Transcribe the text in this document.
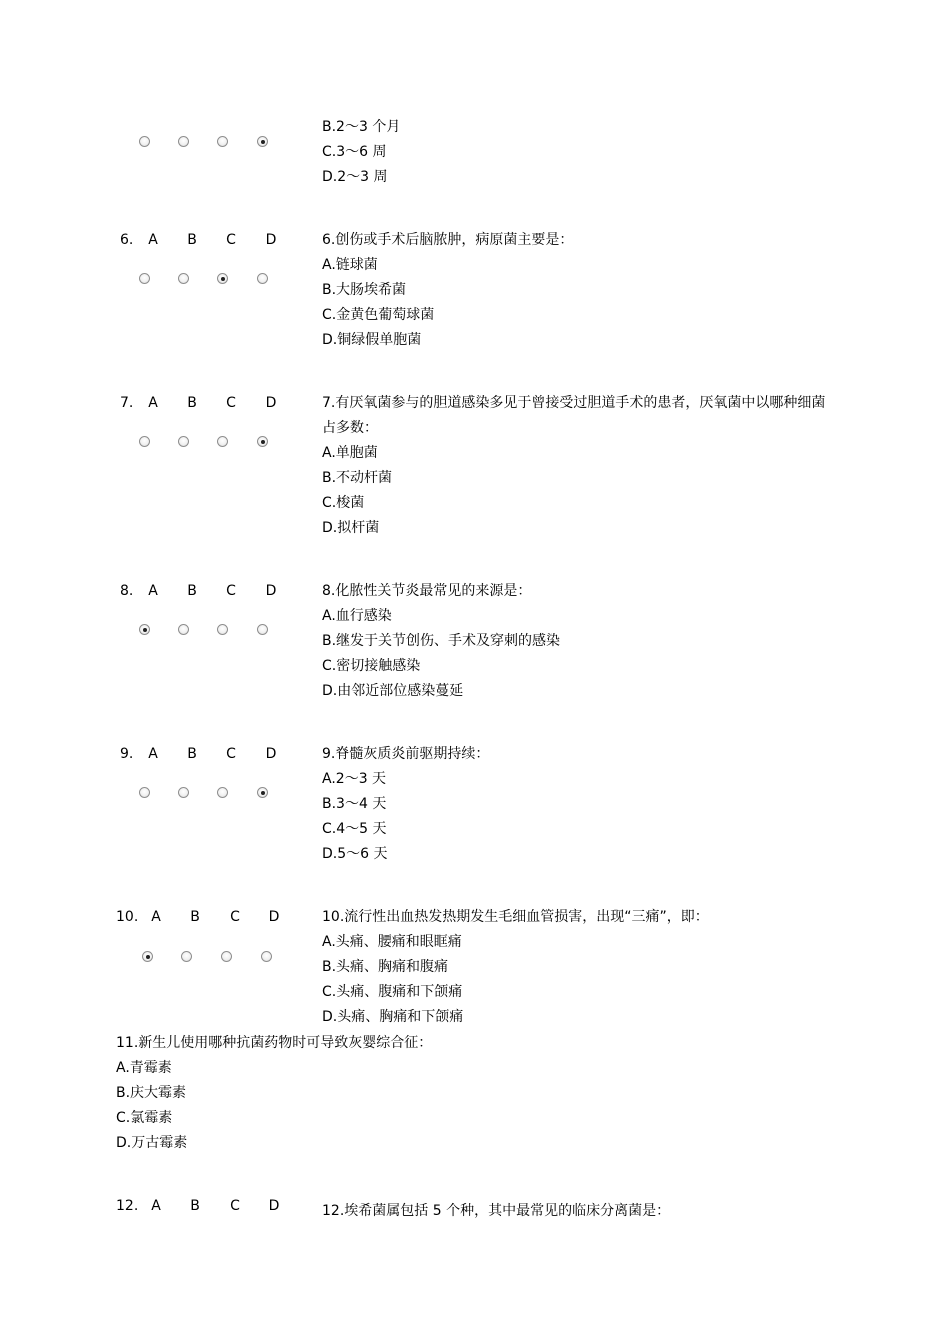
B.2～3 个月
C.3～6 周
D.2～3 周
6. A B C D	6.创伤或手术后脑脓肿，病原菌主要是：
A.链球菌
B.大肠埃希菌
C.金黄色葡萄球菌
D.铜绿假单胞菌
7. A B C D	7.有厌氧菌参与的胆道感染多见于曾接受过胆道手术的患者，厌氧菌中以哪种细菌占多数：
A.单胞菌
B.不动杆菌
C.梭菌
D.拟杆菌
8. A B C D	8.化脓性关节炎最常见的来源是：
A.血行感染
B.继发于关节创伤、手术及穿刺的感染
C.密切接触感染
D.由邻近部位感染蔓延
9. A B C D	9.脊髓灰质炎前驱期持续：
A.2～3 天
B.3～4 天
C.4～5 天
D.5～6 天
10. A B C D	10.流行性出血热发热期发生毛细血管损害，出现“三痛”，即：
A.头痛、腰痛和眼眶痛
B.头痛、胸痛和腹痛
C.头痛、腹痛和下颌痛
D.头痛、胸痛和下颌痛
11.新生儿使用哪种抗菌药物时可导致灰婴综合征：
A.青霉素
B.庆大霉素
C.氯霉素
D.万古霉素
12. A B C D	12.埃希菌属包括 5 个种，其中最常见的临床分离菌是：
